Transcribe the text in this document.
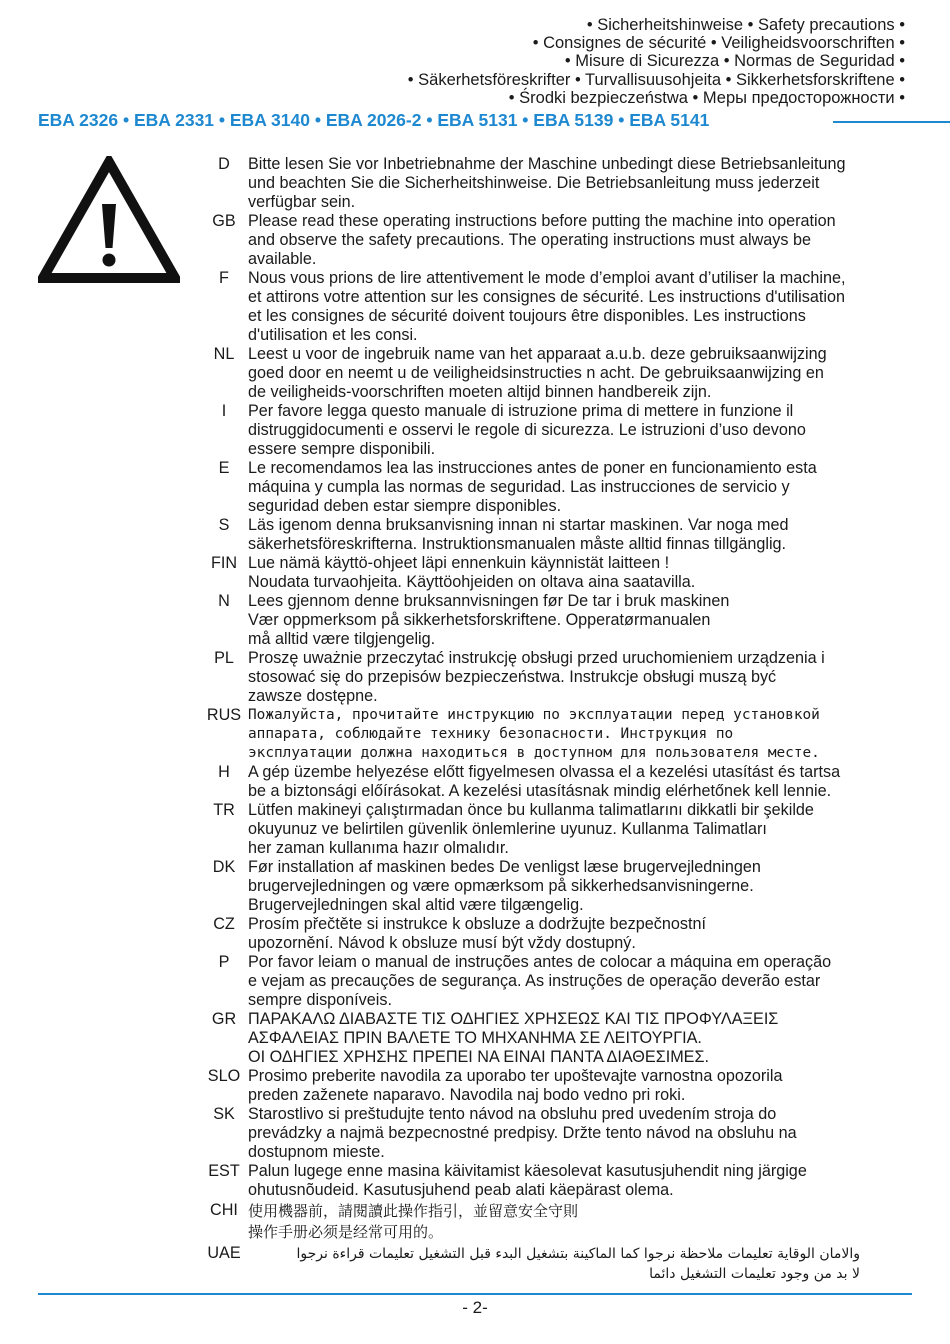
• Sicherheitshinweise • Safety precautions •
• Consignes de sécurité • Veiligheidsvoorschriften •
• Misure di Sicurezza • Normas de Seguridad •
• Säkerhetsföreskrifter • Turvallisuusohjeita • Sikkerhetsforskriftene •
• Środki bezpieczeństwa • Меры предосторожности •
EBA 2326 • EBA 2331 • EBA 3140 • EBA 2026-2 • EBA 5131 • EBA 5139 • EBA 5141
D	Bitte lesen Sie vor Inbetriebnahme der Maschine unbedingt diese Betriebsanleitung
und beachten Sie die Sicherheitshinweise. Die Betriebsanleitung muss jederzeit
verfügbar sein.
GB Please read these operating instructions before putting the machine into operation
and observe the safety precautions. The operating instructions must always be
available.
F	Nous vous prions de lire attentivement le mode d’emploi avant d’utiliser la machine,
et attirons votre attention sur les consignes de sécurité. Les instructions d'utilisation
et les consignes de sécurité doivent toujours être disponibles. Les instructions
d'utilisation et les consi.
NL Leest u voor de ingebruik name van het apparaat a.u.b. deze gebruiksaanwijzing
goed door en neemt u de veiligheidsinstructies n acht. De gebruiksaanwijzing en
de veiligheids-voorschriften moeten altijd binnen handbereik zijn.
I	Per favore legga questo manuale di istruzione prima di mettere in funzione il
distruggidocumenti e osservi le regole di sicurezza. Le istruzioni d’uso devono
essere sempre disponibili.
E	Le recomendamos lea las instrucciones antes de poner en funcionamiento esta
máquina y cumpla las normas de seguridad. Las instrucciones de servicio y
seguridad deben estar siempre disponibles.
S	Läs igenom denna bruksanvisning innan ni startar maskinen. Var noga med
säkerhetsföreskrifterna. Instruktionsmanualen måste alltid finnas tillgänglig.
FIN Lue nämä käyttö-ohjeet läpi ennenkuin käynnistät laitteen !
Noudata turvaohjeita. Käyttöohjeiden on oltava aina saatavilla.
N	Lees gjennom denne bruksannvisningen før De tar i bruk maskinen
Vær oppmerksom på sikkerhetsforskriftene. Opperatørmanualen
må alltid være tilgjengelig.
PL Proszę uważnie przeczytać instrukcję obsługi przed uruchomieniem urządzenia i
stosować się do przepisów bezpieczeństwa. Instrukcje obsługi muszą być
zawsze dostępne.
RUS Пожалуйста, прочитайте инструкцию по эксплуатации перед установкой
аппарата, соблюдайте технику безопасности. Инструкция по
эксплуатации должна находиться в доступном для пользователя месте.
H	A gép üzembe helyezése előtt figyelmesen olvassa el a kezelési utasítást és tartsa
be a biztonsági előírásokat. A kezelési utasításnak mindig elérhetőnek kell lennie.
TR Lütfen makineyi çalıştırmadan önce bu kullanma talimatlarını dikkatli bir şekilde
okuyunuz ve belirtilen güvenlik önlemlerine uyunuz. Kullanma Talimatları
her zaman kullanıma hazır olmalıdır.
DK Før installation af maskinen bedes De venligst læse brugervejledningen
brugervejledningen og være opmærksom på sikkerhedsanvisningerne.
Brugervejledningen skal altid være tilgængelig.
CZ Prosím přečtěte si instrukce k obsluze a dodržujte bezpečnostní
upozornění. Návod k obsluze musí být vždy dostupný.
P	Por favor leiam o manual de instruções antes de colocar a máquina em operação
e vejam as precauções de segurança. As instruções de operação deverão estar
sempre disponíveis.
GR ΠΑΡΑΚΑΛΩ ΔΙΑΒΑΣΤΕ ΤΙΣ ΟΔΗΓΙΕΣ ΧΡΗΣΕΩΣ ΚΑΙ ΤΙΣ ΠΡΟΦΥΛΑΞΕΙΣ
ΑΣΦΑΛΕΙΑΣ ΠΡΙΝ ΒΑΛΕΤΕ ΤΟ ΜΗΧΑΝΗΜΑ ΣΕ ΛΕΙΤΟΥΡΓΙΑ.
ΟΙ ΟΔΗΓΙΕΣ ΧΡΗΣΗΣ ΠΡΕΠΕΙ ΝΑ ΕΙΝΑΙ ΠΑΝΤΑ ΔΙΑΘΕΣΙΜΕΣ.
SLO Prosimo preberite navodila za uporabo ter upoštevajte varnostna opozorila
preden zaženete naparavo. Navodila naj bodo vedno pri roki.
SK Starostlivo si preštudujte tento návod na obsluhu pred uvedením stroja do
prevádzky a najmä bezpecnostné predpisy. Držte tento návod na obsluhu na
dostupnom mieste.
EST Palun lugege enne masina käivitamist käesolevat kasutusjuhendit ning järgige
ohutusnõudeid. Kasutusjuhend peab alati käepärast olema.
CHI 使用機器前，請閱讀此操作指引，並留意安全守則
操作手册必须是经常可用的。
UAE	والامان الوقاية تعليمات ملاحظة نرجوا كما الماكينة بتشغيل البدء قبل التشغيل تعليمات قراءة نرجوا
لا بد من وجود تعليمات التشغيل دائما
- 2-
